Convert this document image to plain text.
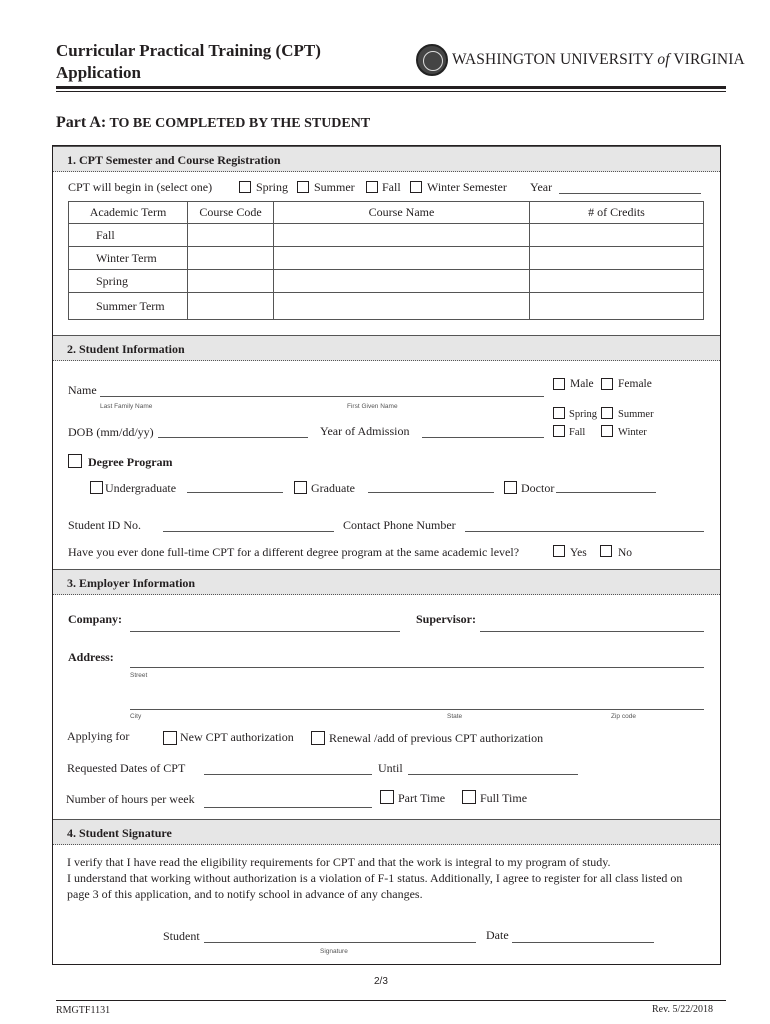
Curricular Practical Training (CPT)
Application
WASHINGTON UNIVERSITY of VIRGINIA
Part A: TO BE COMPLETED BY THE STUDENT
1. CPT Semester and Course Registration
CPT will begin in (select one)	Spring Summer Fall Winter Semester Year
Academic Term	Course Code	Course Name	# of Credits
Fall			
Winter Term			
Spring			
Summer Term			
2. Student Information
Name
Last Family Name	First Given Name
Male Female
Spring Summer
Fall	Winter
DOB (mm/dd/yy)	Year of Admission
Degree Program
Undergraduate	Graduate	Doctor
Student ID No.	Contact Phone Number
Have you ever done full-time CPT for a different degree program at the same academic level?	Yes	No
3. Employer Information
Company:	Supervisor:
Address:
Street
City	State	Zip code
Applying for	New CPT authorization	Renewal /add of previous CPT authorization
Requested Dates of CPT	Until
Number of hours per week	Part Time	Full Time
4. Student Signature
I verify that I have read the eligibility requirements for CPT and that the work is integral to my program of study.
I understand that working without authorization is a violation of F-1 status. Additionally, I agree to register for all class listed on page 3 of this application, and to notify school in advance of any changes.
Student
Signature
Date
2/3
RMGTF1131	Rev. 5/22/2018
